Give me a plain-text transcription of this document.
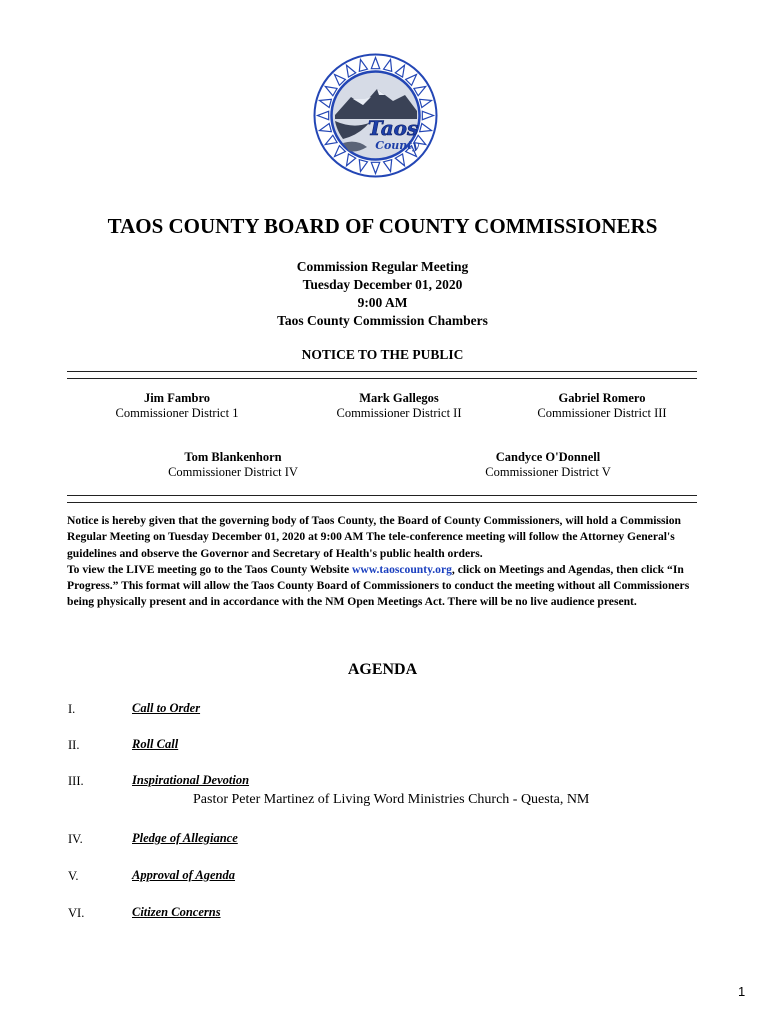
Taos
County
TAOS COUNTY BOARD OF COUNTY COMMISSIONERS
Commission Regular Meeting
Tuesday December 01, 2020
9:00 AM
Taos County Commission Chambers
NOTICE TO THE PUBLIC
Jim Fambro
Commissioner District 1
Mark Gallegos
Commissioner District II
Gabriel Romero
Commissioner District III
Tom Blankenhorn
Commissioner District IV
Candyce O'Donnell
Commissioner District V
Notice is hereby given that the governing body of Taos County, the Board of County Commissioners, will hold a Commission Regular Meeting on Tuesday December 01, 2020 at 9:00 AM The tele-conference meeting will follow the Attorney General's guidelines and observe the Governor and Secretary of Health's public health orders.
To view the LIVE meeting go to the Taos County Website www.taoscounty.org, click on Meetings and Agendas, then click “In Progress.” This format will allow the Taos County Board of Commissioners to conduct the meeting without all Commissioners being physically present and in accordance with the NM Open Meetings Act. There will be no live audience present.
AGENDA
I.	Call to Order
II.	Roll Call
III.	Inspirational Devotion
Pastor Peter Martinez of Living Word Ministries Church - Questa, NM
IV.	Pledge of Allegiance
V.	Approval of Agenda
VI.	Citizen Concerns
1
